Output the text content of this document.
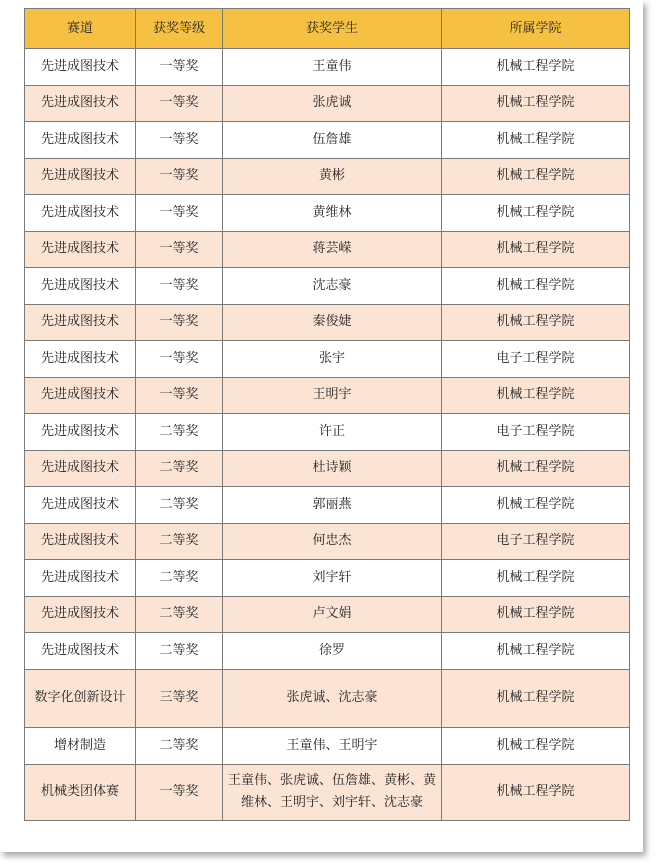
赛道	获奖等级	获奖学生	所属学院
先进成图技术	一等奖	王童伟	机械工程学院
先进成图技术	一等奖	张虎诚	机械工程学院
先进成图技术	一等奖	伍詹雄	机械工程学院
先进成图技术	一等奖	黄彬	机械工程学院
先进成图技术	一等奖	黄维林	机械工程学院
先进成图技术	一等奖	蒋芸嵘	机械工程学院
先进成图技术	一等奖	沈志豪	机械工程学院
先进成图技术	一等奖	秦俊婕	机械工程学院
先进成图技术	一等奖	张宇	电子工程学院
先进成图技术	一等奖	王明宇	机械工程学院
先进成图技术	二等奖	许正	电子工程学院
先进成图技术	二等奖	杜诗颖	机械工程学院
先进成图技术	二等奖	郭丽燕	机械工程学院
先进成图技术	二等奖	何忠杰	电子工程学院
先进成图技术	二等奖	刘宇轩	机械工程学院
先进成图技术	二等奖	卢文娟	机械工程学院
先进成图技术	二等奖	徐罗	机械工程学院
数字化创新设计	三等奖	张虎诚、沈志豪	机械工程学院
增材制造	二等奖	王童伟、王明宇	机械工程学院
机械类团体赛	一等奖	王童伟、张虎诚、伍詹雄、黄彬、黄维林、王明宇、刘宇轩、沈志豪	机械工程学院
